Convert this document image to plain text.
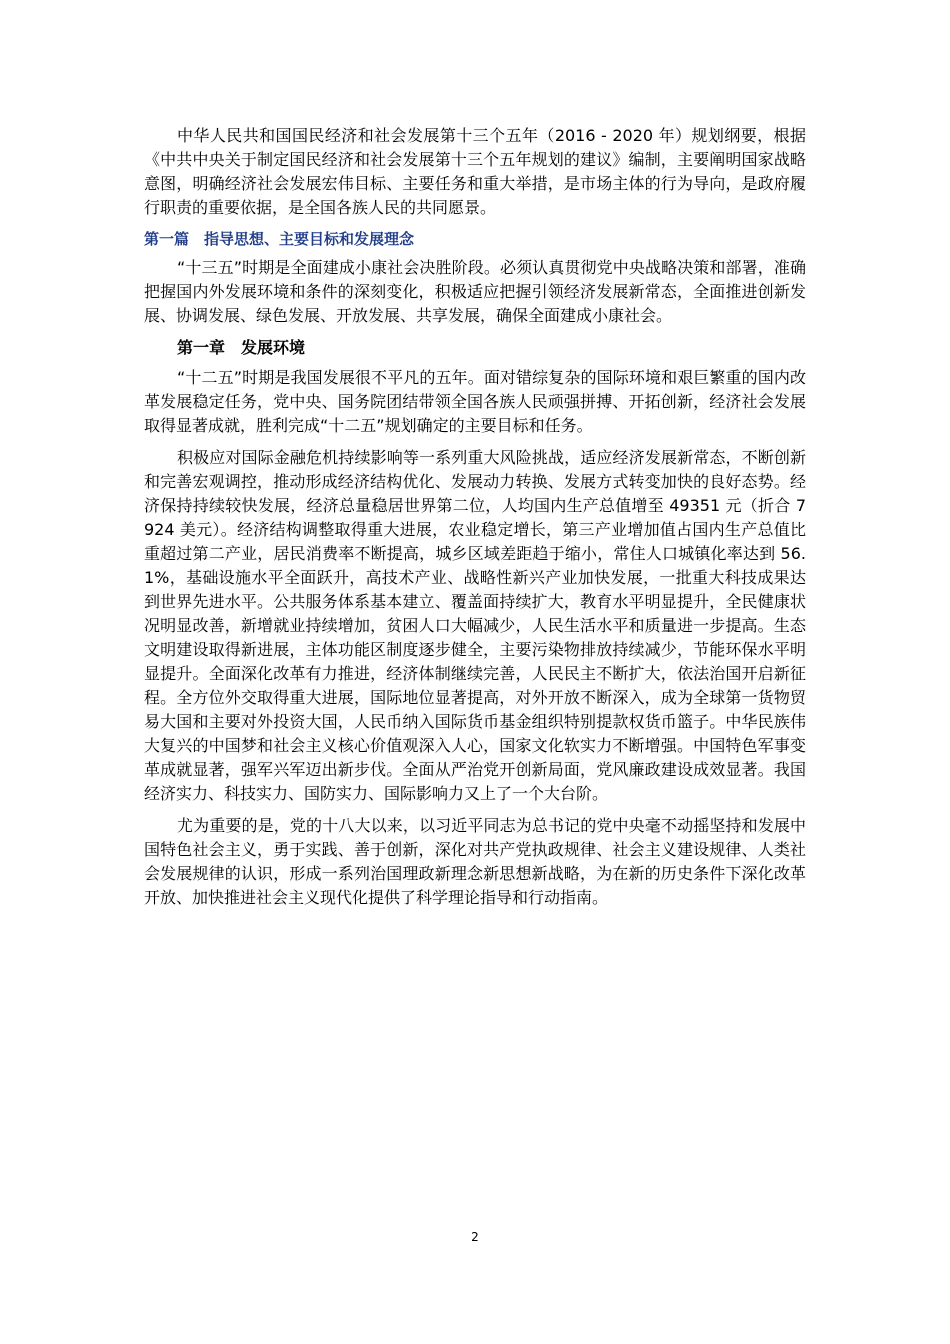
中华人民共和国国民经济和社会发展第十三个五年（2016 - 2020 年）规划纲要，根据《中共中央关于制定国民经济和社会发展第十三个五年规划的建议》编制，主要阐明国家战略意图，明确经济社会发展宏伟目标、主要任务和重大举措，是市场主体的行为导向，是政府履行职责的重要依据，是全国各族人民的共同愿景。

第一篇　指导思想、主要目标和发展理念

“十三五”时期是全面建成小康社会决胜阶段。必须认真贯彻党中央战略决策和部署，准确把握国内外发展环境和条件的深刻变化，积极适应把握引领经济发展新常态，全面推进创新发展、协调发展、绿色发展、开放发展、共享发展，确保全面建成小康社会。

第一章　发展环境

“十二五”时期是我国发展很不平凡的五年。面对错综复杂的国际环境和艰巨繁重的国内改革发展稳定任务，党中央、国务院团结带领全国各族人民顽强拼搏、开拓创新，经济社会发展取得显著成就，胜利完成“十二五”规划确定的主要目标和任务。

积极应对国际金融危机持续影响等一系列重大风险挑战，适应经济发展新常态，不断创新和完善宏观调控，推动形成经济结构优化、发展动力转换、发展方式转变加快的良好态势。经济保持持续较快发展，经济总量稳居世界第二位，人均国内生产总值增至 49351 元（折合 7924 美元）。经济结构调整取得重大进展，农业稳定增长，第三产业增加值占国内生产总值比重超过第二产业，居民消费率不断提高，城乡区域差距趋于缩小，常住人口城镇化率达到 56.1%，基础设施水平全面跃升，高技术产业、战略性新兴产业加快发展，一批重大科技成果达到世界先进水平。公共服务体系基本建立、覆盖面持续扩大，教育水平明显提升，全民健康状况明显改善，新增就业持续增加，贫困人口大幅减少，人民生活水平和质量进一步提高。生态文明建设取得新进展，主体功能区制度逐步健全，主要污染物排放持续减少，节能环保水平明显提升。全面深化改革有力推进，经济体制继续完善，人民民主不断扩大，依法治国开启新征程。全方位外交取得重大进展，国际地位显著提高，对外开放不断深入，成为全球第一货物贸易大国和主要对外投资大国，人民币纳入国际货币基金组织特别提款权货币篮子。中华民族伟大复兴的中国梦和社会主义核心价值观深入人心，国家文化软实力不断增强。中国特色军事变革成就显著，强军兴军迈出新步伐。全面从严治党开创新局面，党风廉政建设成效显著。我国经济实力、科技实力、国防实力、国际影响力又上了一个大台阶。

尤为重要的是，党的十八大以来，以习近平同志为总书记的党中央毫不动摇坚持和发展中国特色社会主义，勇于实践、善于创新，深化对共产党执政规律、社会主义建设规律、人类社会发展规律的认识，形成一系列治国理政新理念新思想新战略，为在新的历史条件下深化改革开放、加快推进社会主义现代化提供了科学理论指导和行动指南。

2
